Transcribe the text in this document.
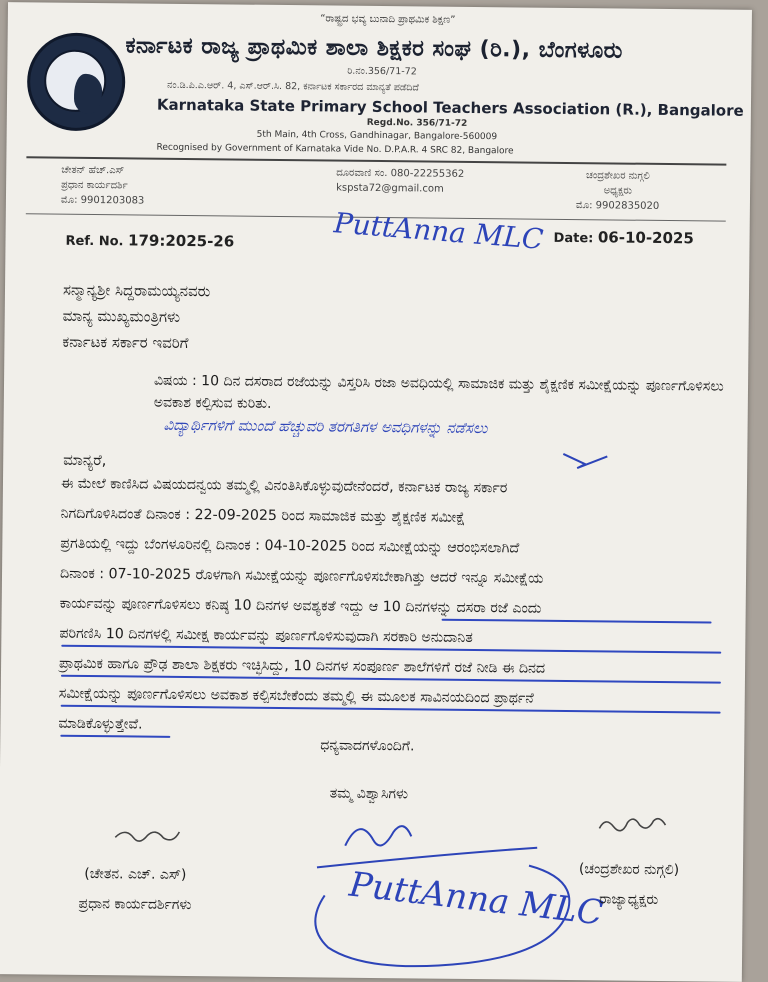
“ರಾಷ್ಟ್ರದ ಭವ್ಯ ಬುನಾದಿ ಪ್ರಾಥಮಿಕ ಶಿಕ್ಷಣ”
ಕರ್ನಾಟಕ ರಾಜ್ಯ ಪ್ರಾಥಮಿಕ ಶಾಲಾ ಶಿಕ್ಷಕರ ಸಂಘ (ರಿ.), ಬೆಂಗಳೂರು
ರಿ.ನಂ.356/71-72
ನಂ.ಡಿ.ಪಿ.ಎ.ಆರ್. 4, ಎಸ್.ಆರ್.ಸಿ. 82, ಕರ್ನಾಟಕ ಸರ್ಕಾರದ ಮಾನ್ಯತೆ ಪಡೆದಿದೆ
Karnataka State Primary School Teachers Association (R.), Bangalore
Regd.No. 356/71-72
5th Main, 4th Cross, Gandhinagar, Bangalore-560009
Recognised by Government of Karnataka Vide No. D.P.A.R. 4 SRC 82, Bangalore
ಚೇತನ್ ಹೆಚ್.ಎಸ್
ಪ್ರಧಾನ ಕಾರ್ಯದರ್ಶಿ
ಮೊ: 9901203083
ದೂರವಾಣಿ ಸಂ. 080-22255362
kspsta72@gmail.com
ಚಂದ್ರಶೇಖರ ನುಗ್ಗಲಿ
ಅಧ್ಯಕ್ಷರು
ಮೊ: 9902835020
Ref. No. 179:2025-26	PuttAnna MLC Date: 06-10-2025
ಸನ್ಮಾನ್ಯಶ್ರೀ ಸಿದ್ದರಾಮಯ್ಯನವರು
ಮಾನ್ಯ ಮುಖ್ಯಮಂತ್ರಿಗಳು
ಕರ್ನಾಟಕ ಸರ್ಕಾರ ಇವರಿಗೆ
ವಿಷಯ : 10 ದಿನ ದಸರಾದ ರಜೆಯನ್ನು ವಿಸ್ತರಿಸಿ ರಜಾ ಅವಧಿಯಲ್ಲಿ ಸಾಮಾಜಿಕ ಮತ್ತು ಶೈಕ್ಷಣಿಕ ಸಮೀಕ್ಷೆಯನ್ನು ಪೂರ್ಣಗೊಳಿಸಲು ಅವಕಾಶ ಕಲ್ಪಿಸುವ ಕುರಿತು.
ವಿದ್ಯಾರ್ಥಿಗಳಿಗೆ ಮುಂದೆ ಹೆಚ್ಚುವರಿ ತರಗತಿಗಳ ಅವಧಿಗಳನ್ನು ನಡೆಸಲು
ಮಾನ್ಯರೆ,
ಈ ಮೇಲೆ ಕಾಣಿಸಿದ ವಿಷಯದನ್ವಯ ತಮ್ಮಲ್ಲಿ ವಿನಂತಿಸಿಕೊಳ್ಳುವುದೇನೆಂದರೆ, ಕರ್ನಾಟಕ ರಾಜ್ಯ ಸರ್ಕಾರ
ನಿಗದಿಗೊಳಿಸಿದಂತೆ ದಿನಾಂಕ : 22-09-2025 ರಿಂದ ಸಾಮಾಜಿಕ ಮತ್ತು ಶೈಕ್ಷಣಿಕ ಸಮೀಕ್ಷೆ
ಪ್ರಗತಿಯಲ್ಲಿ ಇದ್ದು ಬೆಂಗಳೂರಿನಲ್ಲಿ ದಿನಾಂಕ : 04-10-2025 ರಿಂದ ಸಮೀಕ್ಷೆಯನ್ನು ಆರಂಭಿಸಲಾಗಿದೆ
ದಿನಾಂಕ : 07-10-2025 ರೊಳಗಾಗಿ ಸಮೀಕ್ಷೆಯನ್ನು ಪೂರ್ಣಗೊಳಿಸಬೇಕಾಗಿತ್ತು ಆದರೆ ಇನ್ನೂ ಸಮೀಕ್ಷೆಯ
ಕಾರ್ಯವನ್ನು ಪೂರ್ಣಗೊಳಿಸಲು ಕನಿಷ್ಠ 10 ದಿನಗಳ ಅವಶ್ಯಕತೆ ಇದ್ದು ಆ 10 ದಿನಗಳನ್ನು ದಸರಾ ರಜೆ ಎಂದು
ಪರಿಗಣಿಸಿ 10 ದಿನಗಳಲ್ಲಿ ಸಮೀಕ್ಷ ಕಾರ್ಯವನ್ನು ಪೂರ್ಣಗೊಳಿಸುವುದಾಗಿ ಸರಕಾರಿ ಅನುದಾನಿತ
ಪ್ರಾಥಮಿಕ ಹಾಗೂ ಪ್ರೌಢ ಶಾಲಾ ಶಿಕ್ಷಕರು ಇಚ್ಛಿಸಿದ್ದು, 10 ದಿನಗಳ ಸಂಪೂರ್ಣ ಶಾಲೆಗಳಿಗೆ ರಜೆ ನೀಡಿ ಈ ದಿನದ
ಸಮೀಕ್ಷೆಯನ್ನು ಪೂರ್ಣಗೊಳಿಸಲು ಅವಕಾಶ ಕಲ್ಪಿಸಬೇಕೆಂದು ತಮ್ಮಲ್ಲಿ ಈ ಮೂಲಕ ಸಾವಿನಯದಿಂದ ಪ್ರಾರ್ಥನೆ
ಮಾಡಿಕೊಳ್ಳುತ್ತೇವೆ.
ಧನ್ಯವಾದಗಳೊಂದಿಗೆ.
ತಮ್ಮ ವಿಶ್ವಾಸಿಗಳು
PuttAnna MLC
(ಚೇತನ. ಎಚ್. ಎಸ್)
ಪ್ರಧಾನ ಕಾರ್ಯದರ್ಶಿಗಳು
(ಚಂದ್ರಶೇಖರ ನುಗ್ಗಲಿ)
ರಾಜ್ಯಾಧ್ಯಕ್ಷರು
